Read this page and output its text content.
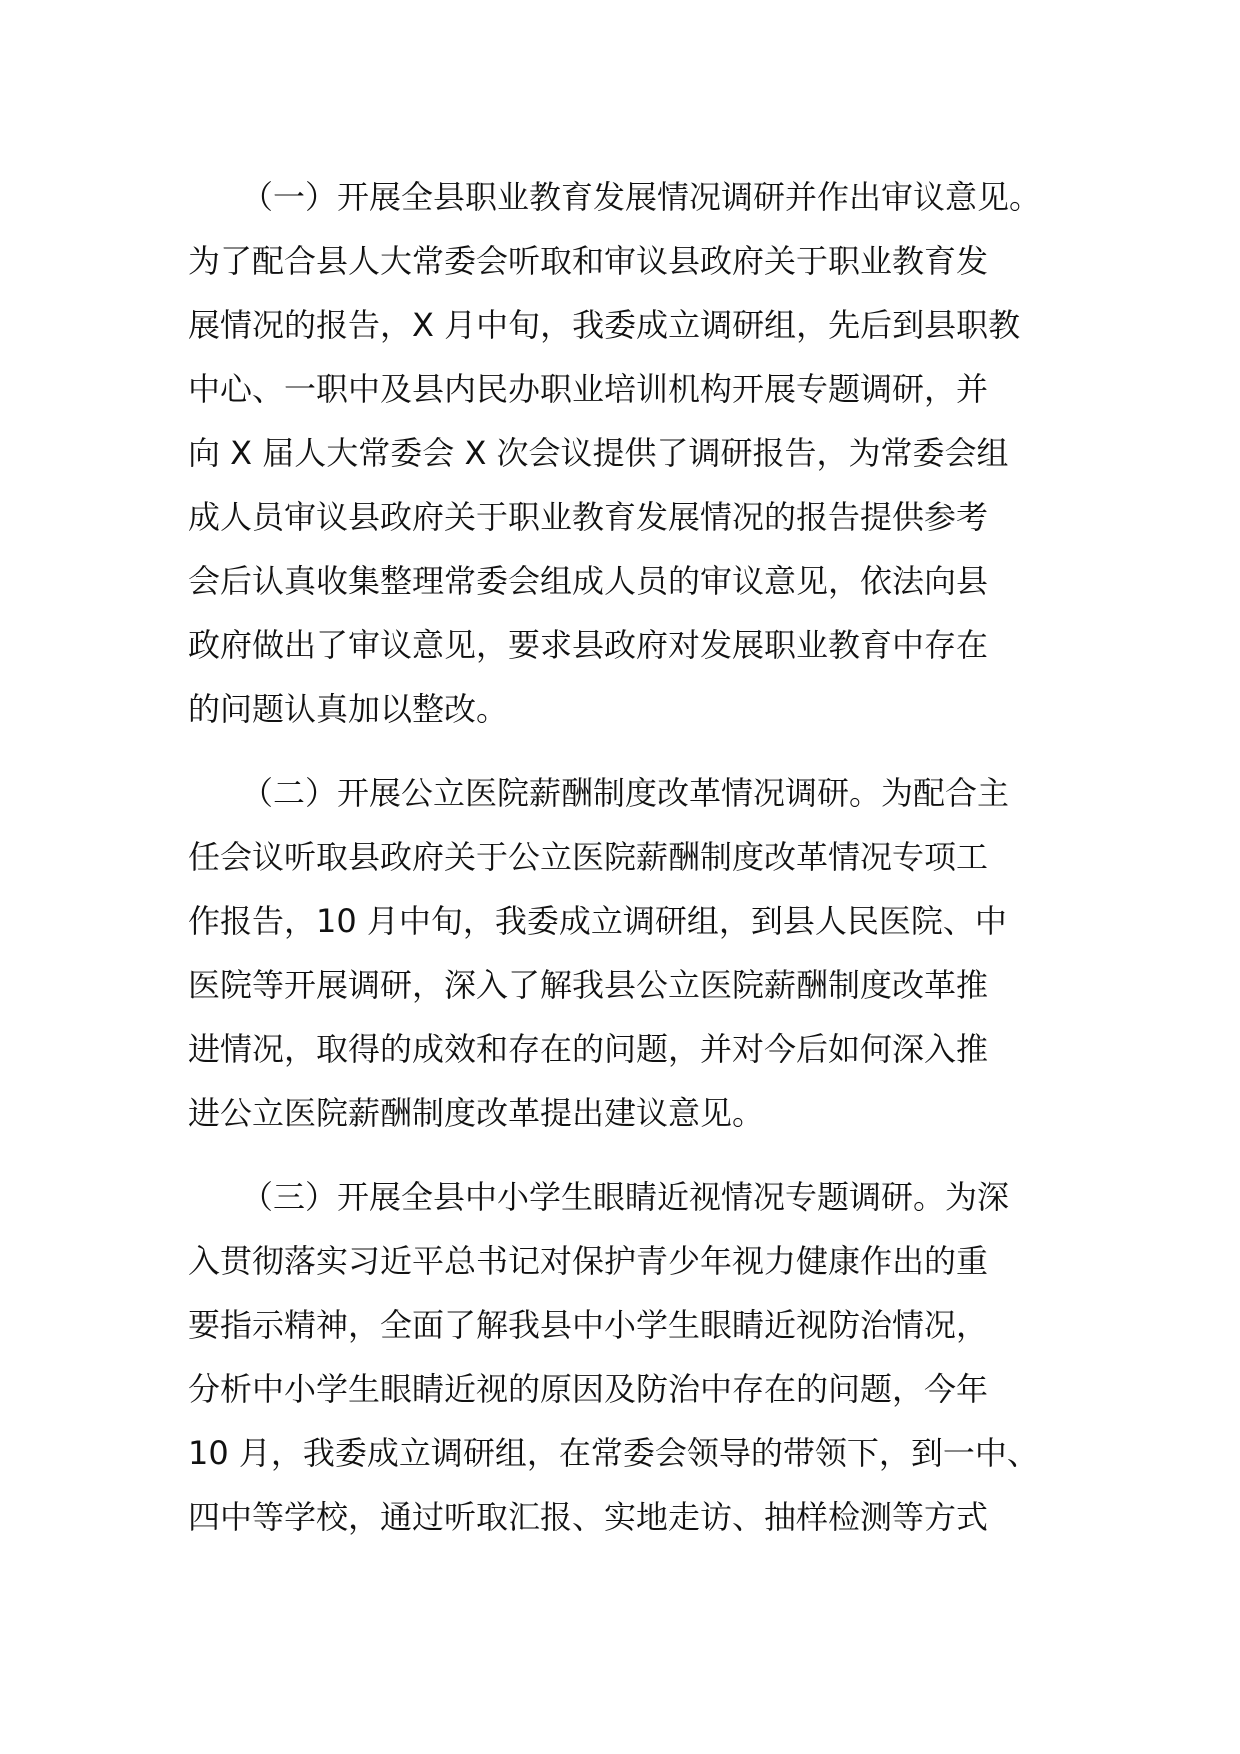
（一）开展全县职业教育发展情况调研并作出审议意见。
为了配合县人大常委会听取和审议县政府关于职业教育发
展情况的报告，X 月中旬，我委成立调研组，先后到县职教
中心、一职中及县内民办职业培训机构开展专题调研，并
向 X 届人大常委会 X 次会议提供了调研报告，为常委会组
成人员审议县政府关于职业教育发展情况的报告提供参考
会后认真收集整理常委会组成人员的审议意见，依法向县
政府做出了审议意见，要求县政府对发展职业教育中存在
的问题认真加以整改。
（二）开展公立医院薪酬制度改革情况调研。为配合主
任会议听取县政府关于公立医院薪酬制度改革情况专项工
作报告，10 月中旬，我委成立调研组，到县人民医院、中
医院等开展调研，深入了解我县公立医院薪酬制度改革推
进情况，取得的成效和存在的问题，并对今后如何深入推
进公立医院薪酬制度改革提出建议意见。
（三）开展全县中小学生眼睛近视情况专题调研。为深
入贯彻落实习近平总书记对保护青少年视力健康作出的重
要指示精神，全面了解我县中小学生眼睛近视防治情况，
分析中小学生眼睛近视的原因及防治中存在的问题，今年
10 月，我委成立调研组，在常委会领导的带领下，到一中、
四中等学校，通过听取汇报、实地走访、抽样检测等方式
